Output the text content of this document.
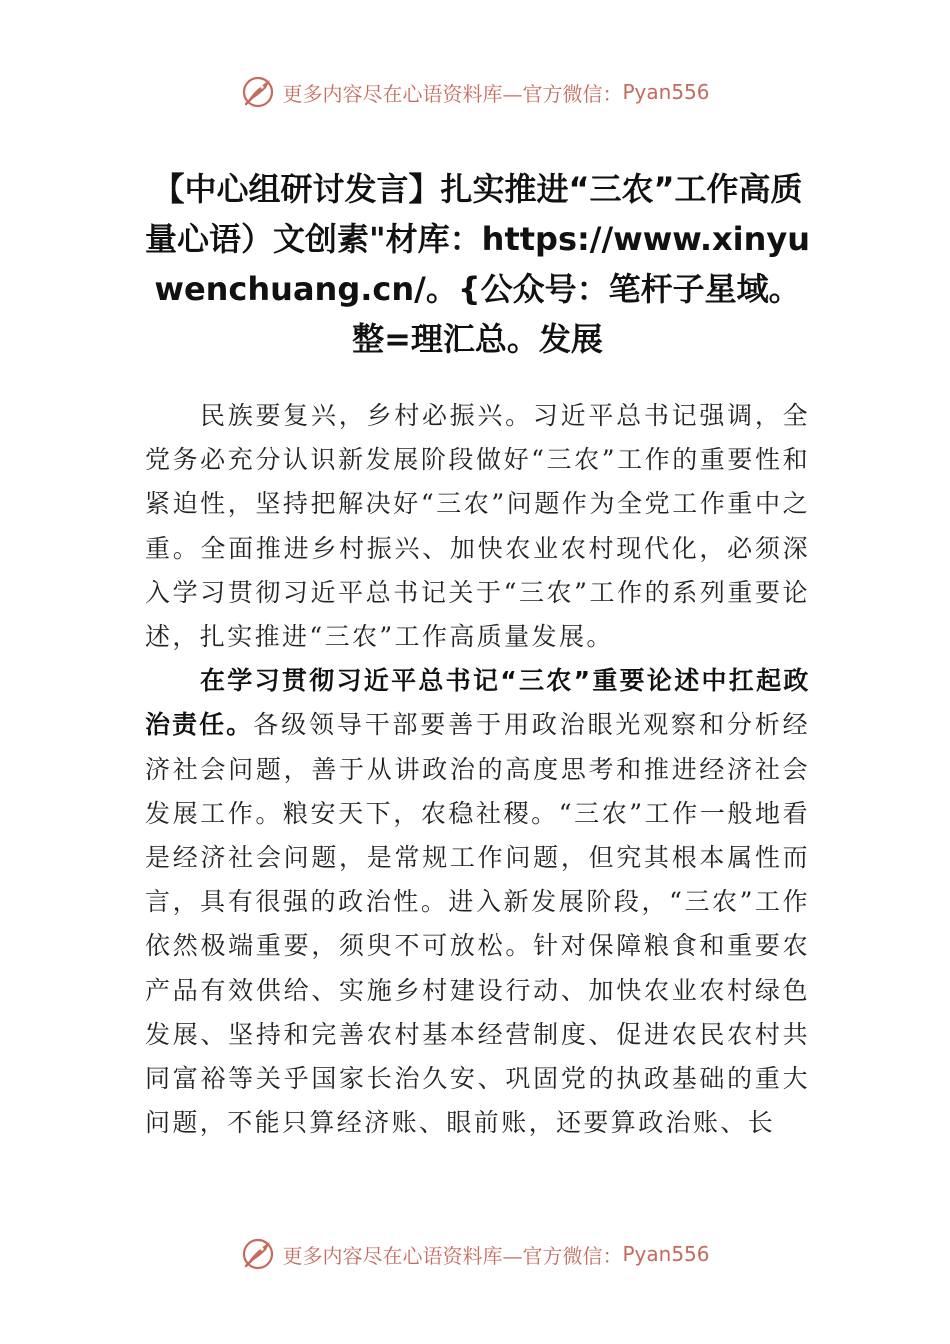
更多内容尽在心语资料库—官方微信： Pyan556
【中心组研讨发言】扎实推进“三农”工作高质量心语）文创素"材库：https://www.xinyuwenchuang.cn/。{公众号：笔杆子星域。整=理汇总。发展

民族要复兴，乡村必振兴。习近平总书记强调，全党务必充分认识新发展阶段做好“三农”工作的重要性和紧迫性，坚持把解决好“三农”问题作为全党工作重中之重。全面推进乡村振兴、加快农业农村现代化，必须深入学习贯彻习近平总书记关于“三农”工作的系列重要论述，扎实推进“三农”工作高质量发展。

在学习贯彻习近平总书记“三农”重要论述中扛起政治责任。各级领导干部要善于用政治眼光观察和分析经济社会问题，善于从讲政治的高度思考和推进经济社会发展工作。粮安天下，农稳社稷。“三农”工作一般地看是经济社会问题，是常规工作问题，但究其根本属性而言，具有很强的政治性。进入新发展阶段，“三农”工作依然极端重要，须臾不可放松。针对保障粮食和重要农产品有效供给、实施乡村建设行动、加快农业农村绿色发展、坚持和完善农村基本经营制度、促进农民农村共同富裕等关乎国家长治久安、巩固党的执政基础的重大问题，不能只算经济账、眼前账，还要算政治账、长

更多内容尽在心语资料库—官方微信： Pyan556
